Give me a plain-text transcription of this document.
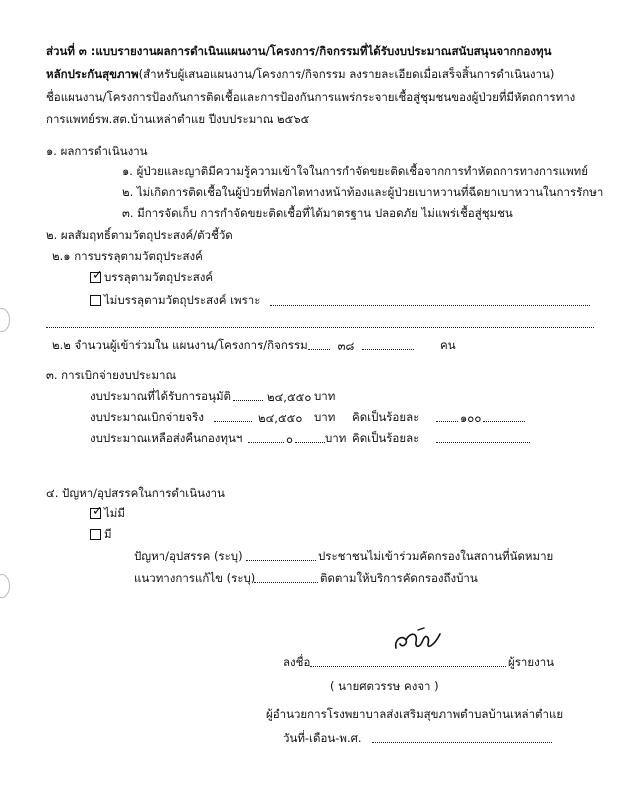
ส่วนที่ ๓ :แบบรายงานผลการดำเนินแผนงาน/โครงการ/กิจกรรมที่ได้รับงบประมาณสนับสนุนจากกองทุน
หลักประกันสุขภาพ(สำหรับผู้เสนอแผนงาน/โครงการ/กิจกรรม ลงรายละเอียดเมื่อเสร็จสิ้นการดำเนินงาน)
ชื่อแผนงาน/โครงการป้องกันการติดเชื้อและการป้องกันการแพร่กระจายเชื้อสู่ชุมชนของผู้ป่วยที่มีหัตถการทาง
การแพทย์รพ.สต.บ้านเหล่าตำแย ปีงบประมาณ ๒๕๖๕
๑. ผลการดำเนินงาน
๑. ผู้ป่วยและญาติมีความรู้ความเข้าใจในการกำจัดขยะติดเชื้อจากการทำหัตถการทางการแพทย์
๒. ไม่เกิดการติดเชื้อในผู้ป่วยที่ฟอกไตทางหน้าท้องและผู้ป่วยเบาหวานที่ฉีดยาเบาหวานในการรักษา
๓. มีการจัดเก็บ การกำจัดขยะติดเชื้อที่ได้มาตรฐาน ปลอดภัย ไม่แพร่เชื้อสู่ชุมชน
๒. ผลสัมฤทธิ์ตามวัตถุประสงค์/ตัวชี้วัด
๒.๑ การบรรลุตามวัตถุประสงค์
✓ บรรลุตามวัตถุประสงค์
ไม่บรรลุตามวัตถุประสงค์ เพราะ
๒.๒ จำนวนผู้เข้าร่วมใน แผนงาน/โครงการ/กิจกรรม	๓๘	คน
๓. การเบิกจ่ายงบประมาณ
งบประมาณที่ได้รับการอนุมัติ	๒๔,๕๕๐ บาท
งบประมาณเบิกจ่ายจริง	๒๔,๕๕๐ บาท คิดเป็นร้อยละ	๑๐๐
งบประมาณเหลือส่งคืนกองทุนฯ	๐	บาท คิดเป็นร้อยละ
๔. ปัญหา/อุปสรรคในการดำเนินงาน
✓ ไม่มี
มี
ปัญหา/อุปสรรค (ระบุ)	ประชาชนไม่เข้าร่วมคัดกรองในสถานที่นัดหมาย
แนวทางการแก้ไข (ระบุ)	ติดตามให้บริการคัดกรองถึงบ้าน
ลงชื่อ	ผู้รายงาน
( นายศตวรรษ คงจา )
ผู้อำนวยการโรงพยาบาลส่งเสริมสุขภาพตำบลบ้านเหล่าตำแย
วันที่-เดือน-พ.ศ.
